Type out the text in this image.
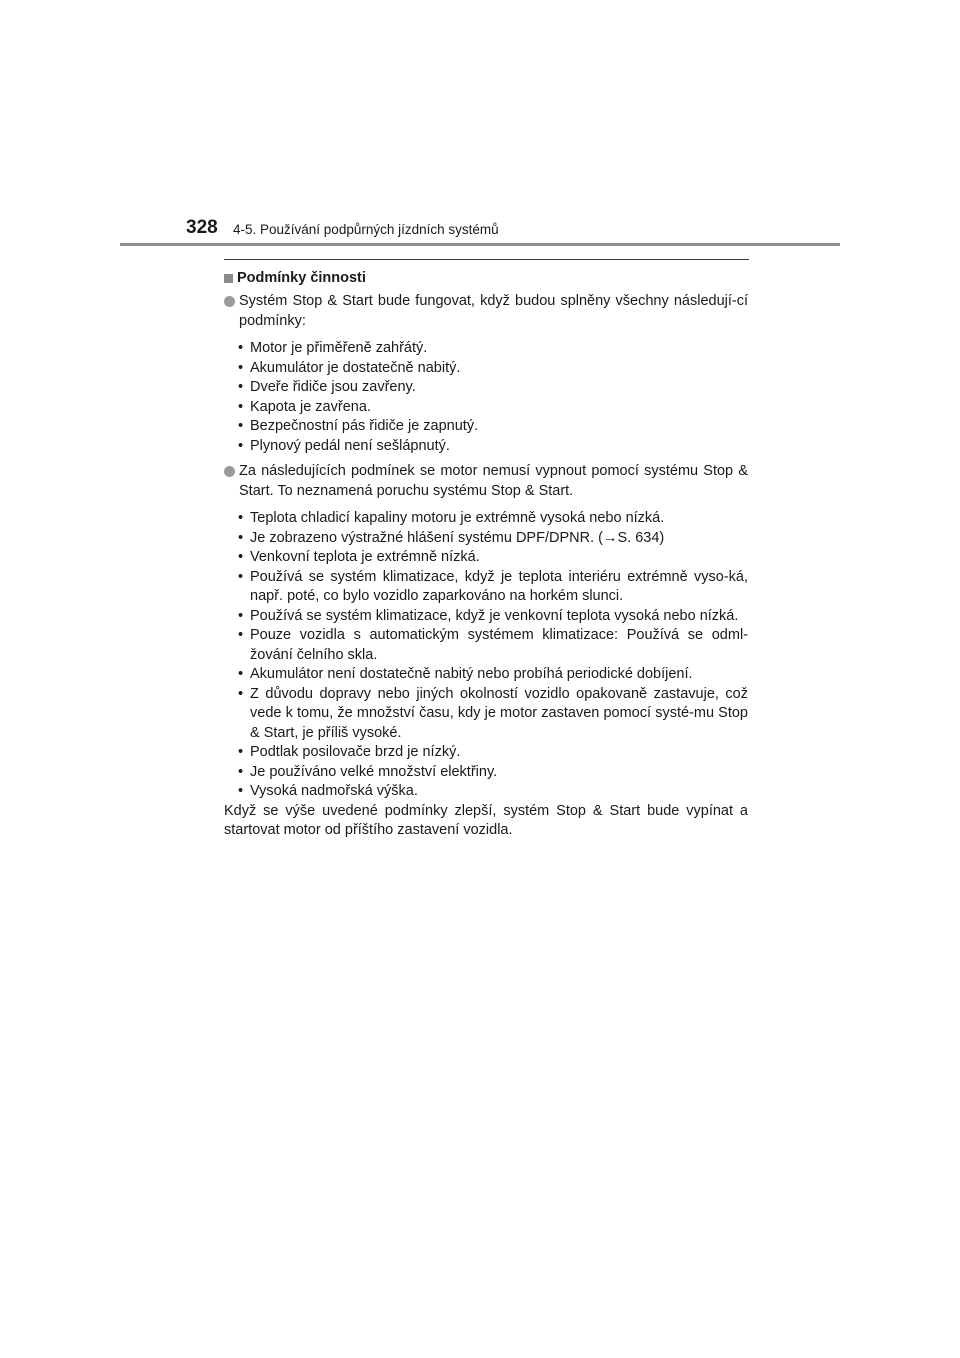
328 4-5. Používání podpůrných jízdních systémů
Podmínky činnosti
Systém Stop & Start bude fungovat, když budou splněny všechny následují-cí podmínky:
• Motor je přiměřeně zahřátý.
• Akumulátor je dostatečně nabitý.
• Dveře řidiče jsou zavřeny.
• Kapota je zavřena.
• Bezpečnostní pás řidiče je zapnutý.
• Plynový pedál není sešlápnutý.
Za následujících podmínek se motor nemusí vypnout pomocí systému Stop & Start. To neznamená poruchu systému Stop & Start.
• Teplota chladicí kapaliny motoru je extrémně vysoká nebo nízká.
• Je zobrazeno výstražné hlášení systému DPF/DPNR. (→S. 634)
• Venkovní teplota je extrémně nízká.
• Používá se systém klimatizace, když je teplota interiéru extrémně vyso-ká, např. poté, co bylo vozidlo zaparkováno na horkém slunci.
• Používá se systém klimatizace, když je venkovní teplota vysoká nebo nízká.
• Pouze vozidla s automatickým systémem klimatizace: Používá se odml-žování čelního skla.
• Akumulátor není dostatečně nabitý nebo probíhá periodické dobíjení.
• Z důvodu dopravy nebo jiných okolností vozidlo opakovaně zastavuje, což vede k tomu, že množství času, kdy je motor zastaven pomocí systé-mu Stop & Start, je příliš vysoké.
• Podtlak posilovače brzd je nízký.
• Je používáno velké množství elektřiny.
• Vysoká nadmořská výška.
Když se výše uvedené podmínky zlepší, systém Stop & Start bude vypínat a startovat motor od příštího zastavení vozidla.
